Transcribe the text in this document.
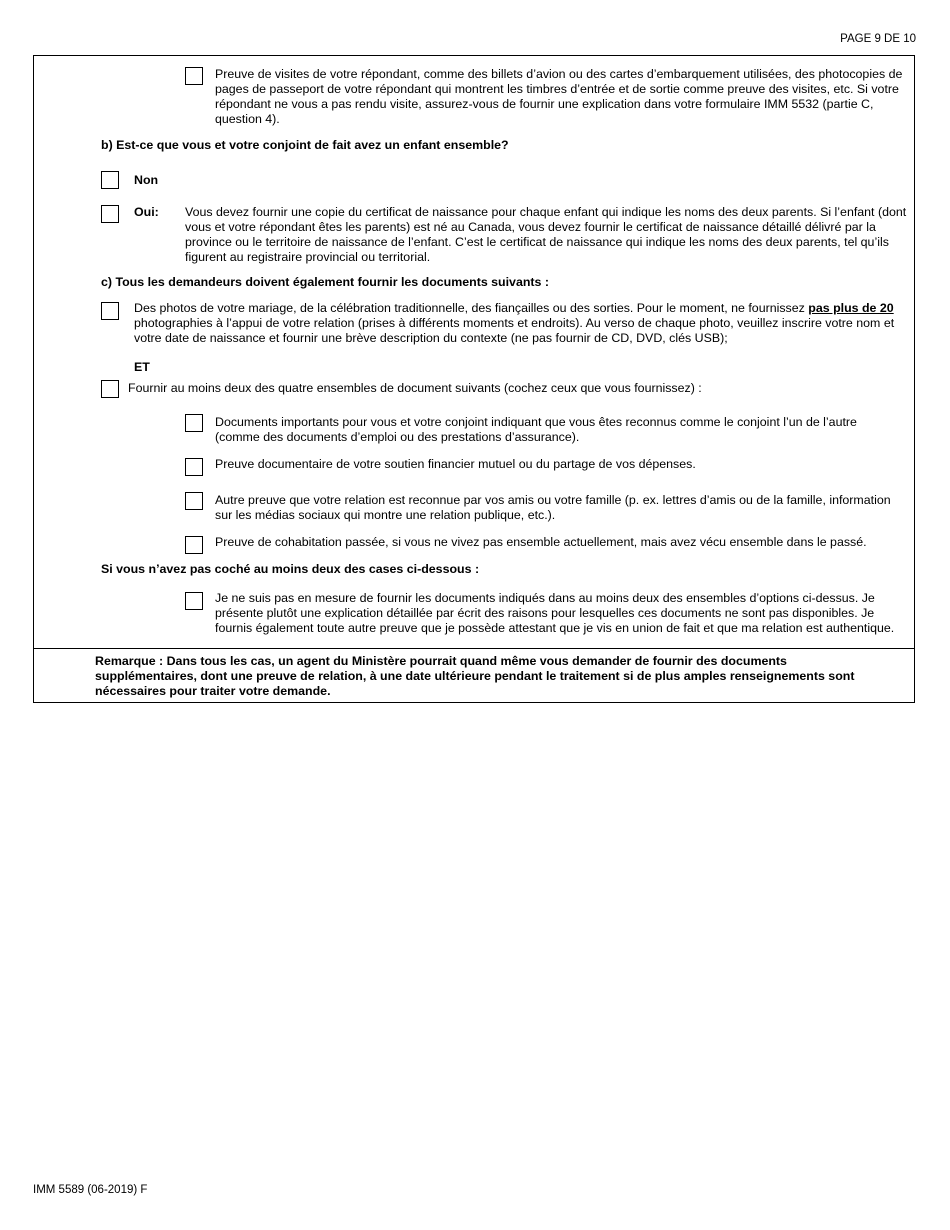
PAGE 9 DE 10
Preuve de visites de votre répondant, comme des billets d’avion ou des cartes d’embarquement utilisées, des photocopies de pages de passeport de votre répondant qui montrent les timbres d’entrée et de sortie comme preuve des visites, etc. Si votre répondant ne vous a pas rendu visite, assurez-vous de fournir une explication dans votre formulaire IMM 5532 (partie C, question 4).
b) Est-ce que vous et votre conjoint de fait avez un enfant ensemble?
Non
Oui: Vous devez fournir une copie du certificat de naissance pour chaque enfant qui indique les noms des deux parents. Si l’enfant (dont vous et votre répondant êtes les parents) est né au Canada, vous devez fournir le certificat de naissance détaillé délivré par la province ou le territoire de naissance de l’enfant. C’est le certificat de naissance qui indique les noms des deux parents, tel qu’ils figurent au registraire provincial ou territorial.
c) Tous les demandeurs doivent également fournir les documents suivants :
Des photos de votre mariage, de la célébration traditionnelle, des fiançailles ou des sorties. Pour le moment, ne fournissez pas plus de 20 photographies à l’appui de votre relation (prises à différents moments et endroits). Au verso de chaque photo, veuillez inscrire votre nom et votre date de naissance et fournir une brève description du contexte (ne pas fournir de CD, DVD, clés USB);
ET
Fournir au moins deux des quatre ensembles de document suivants (cochez ceux que vous fournissez) :
Documents importants pour vous et votre conjoint indiquant que vous êtes reconnus comme le conjoint l’un de l’autre (comme des documents d’emploi ou des prestations d’assurance).
Preuve documentaire de votre soutien financier mutuel ou du partage de vos dépenses.
Autre preuve que votre relation est reconnue par vos amis ou votre famille (p. ex. lettres d’amis ou de la famille, information sur les médias sociaux qui montre une relation publique, etc.).
Preuve de cohabitation passée, si vous ne vivez pas ensemble actuellement, mais avez vécu ensemble dans le passé.
Si vous n’avez pas coché au moins deux des cases ci-dessous :
Je ne suis pas en mesure de fournir les documents indiqués dans au moins deux des ensembles d’options ci-dessus. Je présente plutôt une explication détaillée par écrit des raisons pour lesquelles ces documents ne sont pas disponibles. Je fournis également toute autre preuve que je possède attestant que je vis en union de fait et que ma relation est authentique.
Remarque : Dans tous les cas, un agent du Ministère pourrait quand même vous demander de fournir des documents supplémentaires, dont une preuve de relation, à une date ultérieure pendant le traitement si de plus amples renseignements sont nécessaires pour traiter votre demande.
IMM 5589 (06-2019) F
